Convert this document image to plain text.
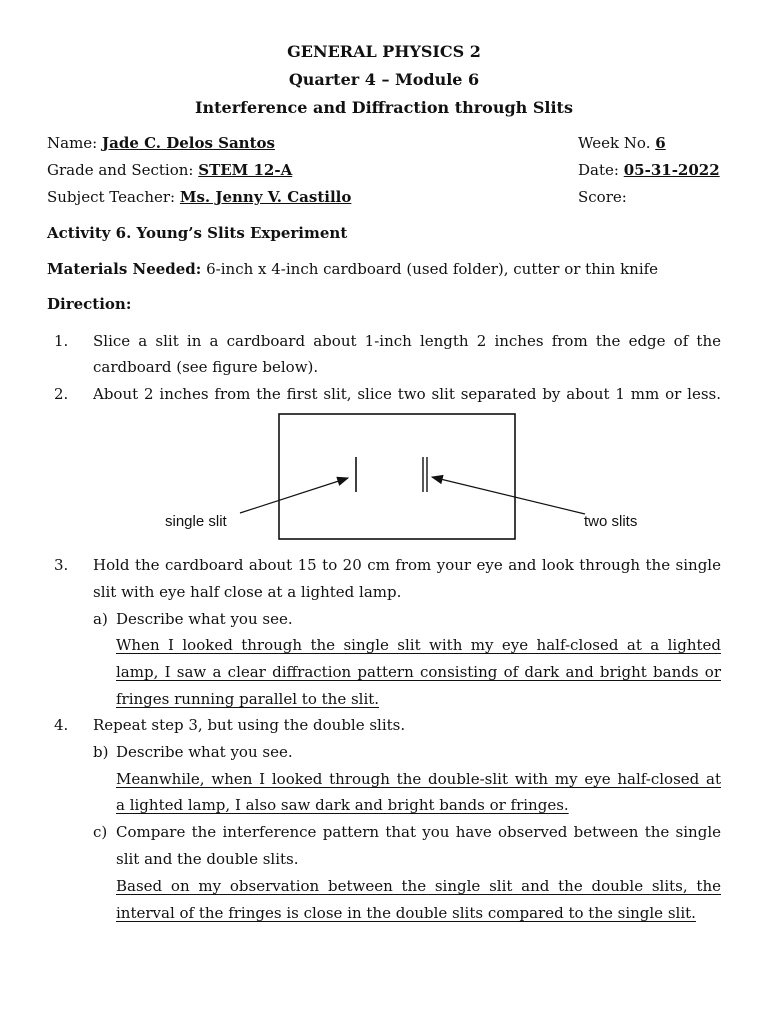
GENERAL PHYSICS 2
Quarter 4 – Module 6
Interference and Diffraction through Slits
Name: Jade C. Delos Santos	Week No. 6
Grade and Section: STEM 12-A	Date: 05-31-2022
Subject Teacher: Ms. Jenny V. Castillo	Score:
Activity 6. Young’s Slits Experiment
Materials Needed: 6-inch x 4-inch cardboard (used folder), cutter or thin knife
Direction:
1. Slice a slit in a cardboard about 1-inch length 2 inches from the edge of the
cardboard (see figure below).
2. About 2 inches from the first slit, slice two slit separated by about 1 mm or less.
single slit	two slits
3. Hold the cardboard about 15 to 20 cm from your eye and look through the single
slit with eye half close at a lighted lamp.
a) Describe what you see.
When I looked through the single slit with my eye half-closed at a lighted
lamp, I saw a clear diffraction pattern consisting of dark and bright bands or
fringes running parallel to the slit.
4. Repeat step 3, but using the double slits.
b) Describe what you see.
Meanwhile, when I looked through the double-slit with my eye half-closed at
a lighted lamp, I also saw dark and bright bands or fringes.
c) Compare the interference pattern that you have observed between the single
slit and the double slits.
Based on my observation between the single slit and the double slits, the
interval of the fringes is close in the double slits compared to the single slit.
